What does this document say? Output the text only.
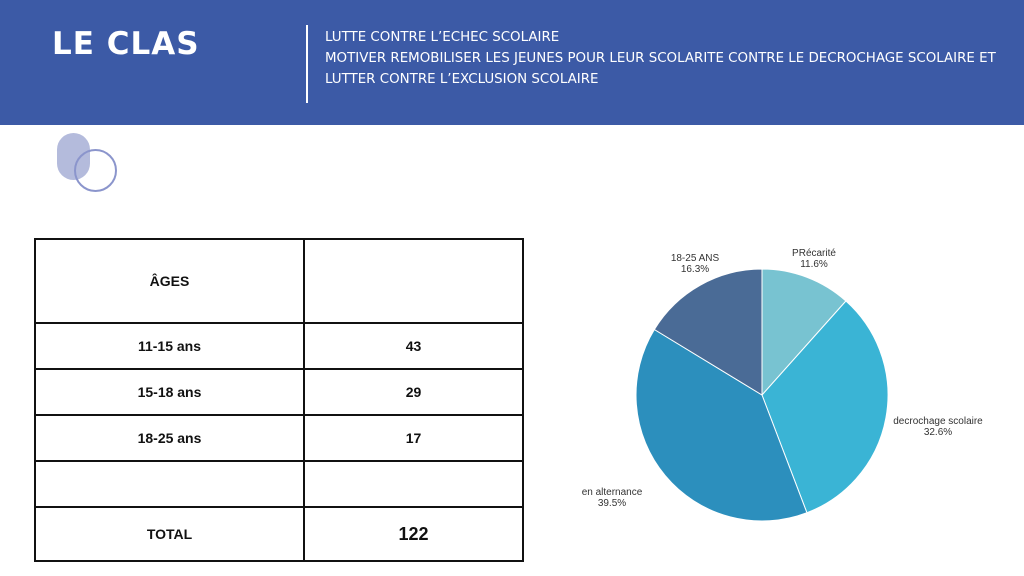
LE CLAS	LUTTE CONTRE L’ECHEC SCOLAIRE
MOTIVER REMOBILISER LES JEUNES POUR LEUR SCOLARITE CONTRE LE DECROCHAGE SCOLAIRE ET
LUTTER CONTRE L’EXCLUSION SCOLAIRE
ÂGES	
11-15 ans	43
15-18 ans	29
18-25 ans	17

TOTAL	122
PRécarité
11.6%
decrochage scolaire
32.6%
en alternance
39.5%
18-25 ANS
16.3%
